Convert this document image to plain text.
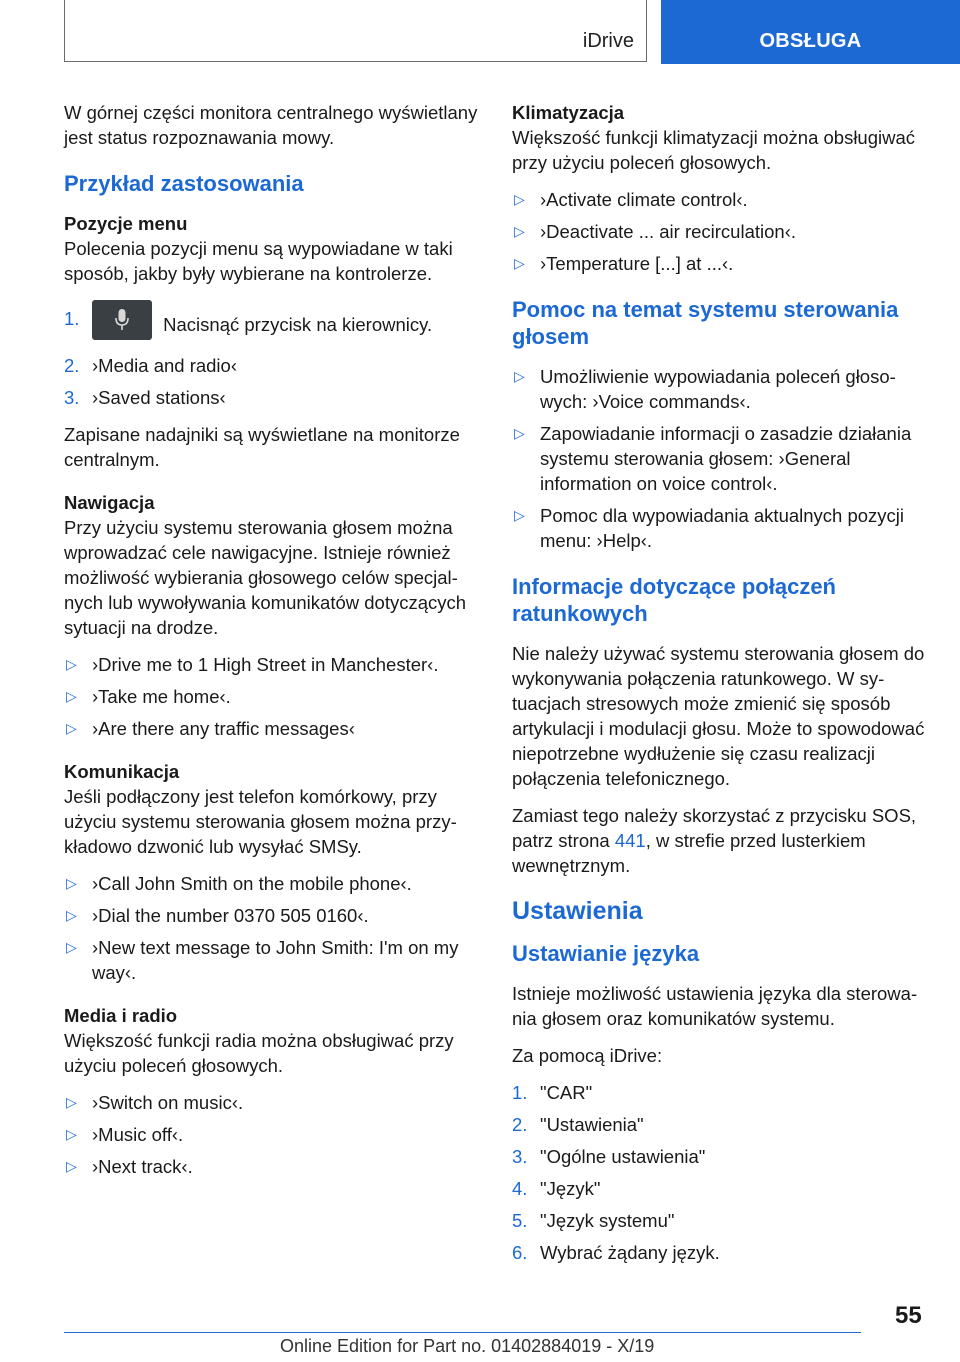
iDrive	OBSŁUGA

W górnej części monitora centralnego wyświetlany jest status rozpoznawania mowy.

Przykład zastosowania
Pozycje menu

Polecenia pozycji menu są wypowiadane w taki sposób, jakby były wybierane na kontrolerze.

1.	Nacisnąć przycisk na kierownicy.
2. ›Media and radio‹
3. ›Saved stations‹

Zapisane nadajniki są wyświetlane na monitorze centralnym.

Nawigacja

Przy użyciu systemu sterowania głosem można wprowadzać cele nawigacyjne. Istnieje również możliwość wybierania głosowego celów specjalnych lub wywoływania komunikatów dotyczących sytuacji na drodze.

▷ ›Drive me to 1 High Street in Manchester‹.
▷ ›Take me home‹.
▷ ›Are there any traffic messages‹
Komunikacja

Jeśli podłączony jest telefon komórkowy, przy użyciu systemu sterowania głosem można przykładowo dzwonić lub wysyłać SMSy.

▷ ›Call John Smith on the mobile phone‹.
▷ ›Dial the number 0370 505 0160‹.
▷ ›New text message to John Smith: I'm on my way‹.
Media i radio

Większość funkcji radia można obsługiwać przy użyciu poleceń głosowych.

▷ ›Switch on music‹.
▷ ›Music off‹.
▷ ›Next track‹.
Klimatyzacja

Większość funkcji klimatyzacji można obsługiwać przy użyciu poleceń głosowych.

▷ ›Activate climate control‹.
▷ ›Deactivate ... air recirculation‹.
▷ ›Temperature [...] at ...‹.
Pomoc na temat systemu sterowania głosem
▷ Umożliwienie wypowiadania poleceń głosowych: ›Voice commands‹.
▷ Zapowiadanie informacji o zasadzie działania systemu sterowania głosem: ›General information on voice control‹.
▷ Pomoc dla wypowiadania aktualnych pozycji menu: ›Help‹.
Informacje dotyczące połączeń ratunkowych

Nie należy używać systemu sterowania głosem do wykonywania połączenia ratunkowego. W sytuacjach stresowych może zmienić się sposób artykulacji i modulacji głosu. Może to spowodować niepotrzebne wydłużenie się czasu realizacji połączenia telefonicznego.

Zamiast tego należy skorzystać z przycisku SOS, patrz strona 441, w strefie przed lusterkiem wewnętrznym.

Ustawienia
Ustawianie języka

Istnieje możliwość ustawienia języka dla sterowania głosem oraz komunikatów systemu.

Za pomocą iDrive:

1. "CAR"
2. "Ustawienia"
3. "Ogólne ustawienia"
4. "Język"
5. "Język systemu"
6. Wybrać żądany język.
55
Online Edition for Part no. 01402884019 - X/19
